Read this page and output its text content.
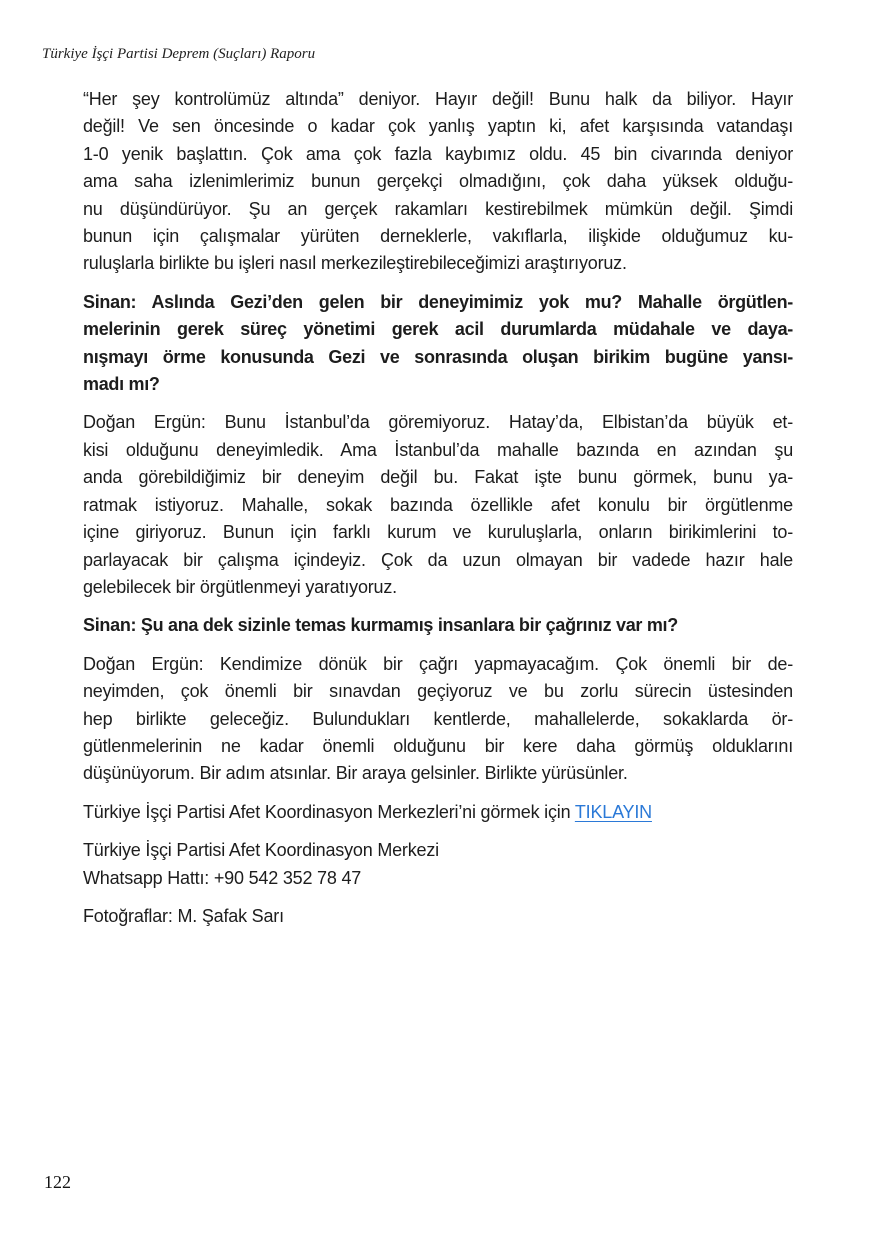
Türkiye İşçi Partisi Deprem (Suçları) Raporu
“Her şey kontrolümüz altında” deniyor. Hayır değil! Bunu halk da biliyor. Hayır
değil! Ve sen öncesinde o kadar çok yanlış yaptın ki, afet karşısında vatandaşı
1-0 yenik başlattın. Çok ama çok fazla kaybımız oldu. 45 bin civarında deniyor
ama saha izlenimlerimiz bunun gerçekçi olmadığını, çok daha yüksek olduğu-
nu düşündürüyor. Şu an gerçek rakamları kestirebilmek mümkün değil. Şimdi
bunun için çalışmalar yürüten derneklerle, vakıflarla, ilişkide olduğumuz ku-
ruluşlarla birlikte bu işleri nasıl merkezileştirebileceğimizi araştırıyoruz.
Sinan: Aslında Gezi’den gelen bir deneyimimiz yok mu? Mahalle örgütlen-
melerinin gerek süreç yönetimi gerek acil durumlarda müdahale ve daya-
nışmayı örme konusunda Gezi ve sonrasında oluşan birikim bugüne yansı-
madı mı?
Doğan Ergün: Bunu İstanbul’da göremiyoruz. Hatay’da, Elbistan’da büyük et-
kisi olduğunu deneyimledik. Ama İstanbul’da mahalle bazında en azından şu
anda görebildiğimiz bir deneyim değil bu. Fakat işte bunu görmek, bunu ya-
ratmak istiyoruz. Mahalle, sokak bazında özellikle afet konulu bir örgütlenme
içine giriyoruz. Bunun için farklı kurum ve kuruluşlarla, onların birikimlerini to-
parlayacak bir çalışma içindeyiz. Çok da uzun olmayan bir vadede hazır hale
gelebilecek bir örgütlenmeyi yaratıyoruz.
Sinan: Şu ana dek sizinle temas kurmamış insanlara bir çağrınız var mı?
Doğan Ergün: Kendimize dönük bir çağrı yapmayacağım. Çok önemli bir de-
neyimden, çok önemli bir sınavdan geçiyoruz ve bu zorlu sürecin üstesinden
hep birlikte geleceğiz. Bulundukları kentlerde, mahallelerde, sokaklarda ör-
gütlenmelerinin ne kadar önemli olduğunu bir kere daha görmüş olduklarını
düşünüyorum. Bir adım atsınlar. Bir araya gelsinler. Birlikte yürüsünler.
Türkiye İşçi Partisi Afet Koordinasyon Merkezleri’ni görmek için TIKLAYIN
Türkiye İşçi Partisi Afet Koordinasyon Merkezi
Whatsapp Hattı: +90 542 352 78 47
Fotoğraflar: M. Şafak Sarı
122
